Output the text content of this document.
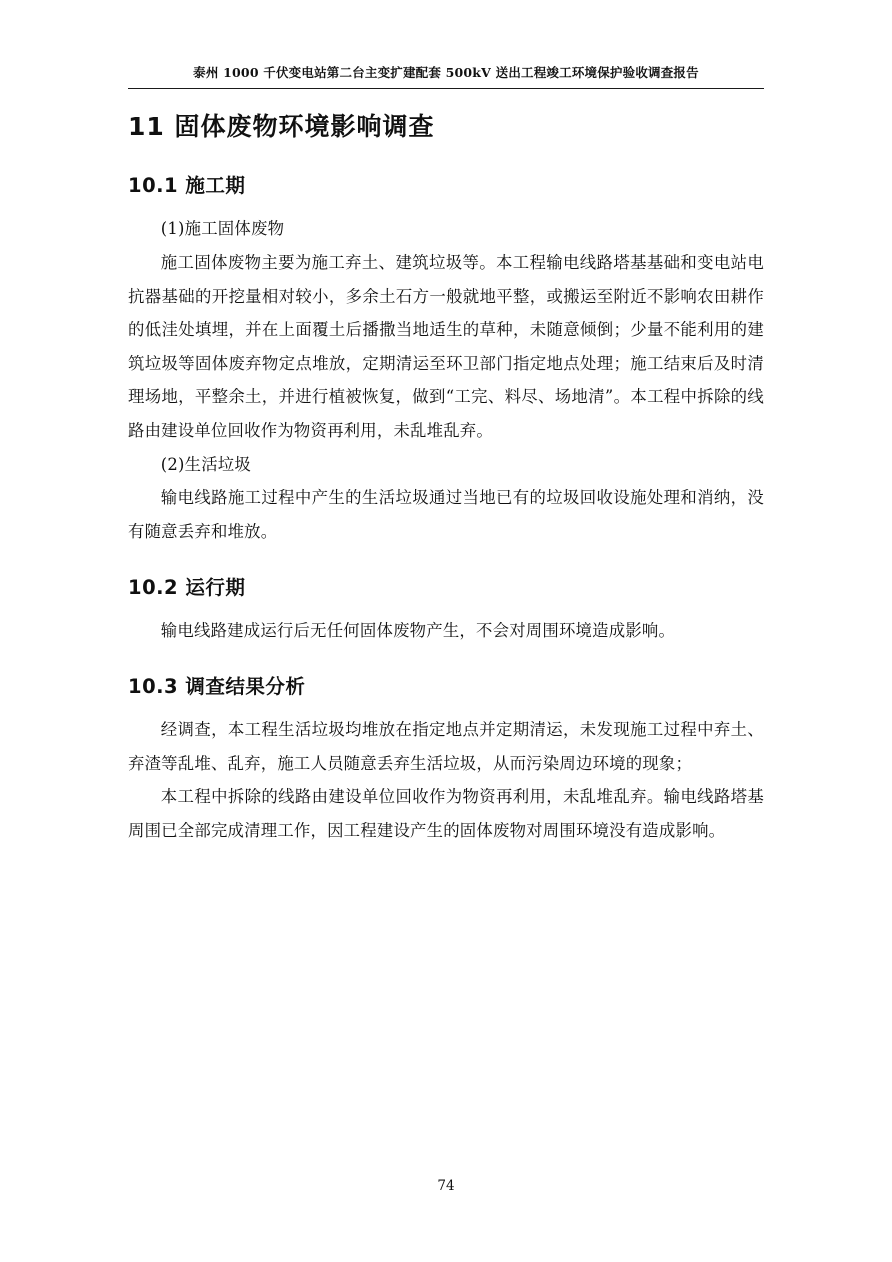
泰州 1000 千伏变电站第二台主变扩建配套 500kV 送出工程竣工环境保护验收调查报告
11 固体废物环境影响调查
10.1 施工期

(1)施工固体废物

施工固体废物主要为施工弃土、建筑垃圾等。本工程输电线路塔基基础和变电站电抗器基础的开挖量相对较小，多余土石方一般就地平整，或搬运至附近不影响农田耕作的低洼处填埋，并在上面覆土后播撒当地适生的草种，未随意倾倒；少量不能利用的建筑垃圾等固体废弃物定点堆放，定期清运至环卫部门指定地点处理；施工结束后及时清理场地，平整余土，并进行植被恢复，做到“工完、料尽、场地清”。本工程中拆除的线路由建设单位回收作为物资再利用，未乱堆乱弃。

(2)生活垃圾

输电线路施工过程中产生的生活垃圾通过当地已有的垃圾回收设施处理和消纳，没有随意丢弃和堆放。

10.2 运行期

输电线路建成运行后无任何固体废物产生，不会对周围环境造成影响。

10.3 调查结果分析

经调查，本工程生活垃圾均堆放在指定地点并定期清运，未发现施工过程中弃土、弃渣等乱堆、乱弃，施工人员随意丢弃生活垃圾，从而污染周边环境的现象；

本工程中拆除的线路由建设单位回收作为物资再利用，未乱堆乱弃。输电线路塔基周围已全部完成清理工作，因工程建设产生的固体废物对周围环境没有造成影响。

74
